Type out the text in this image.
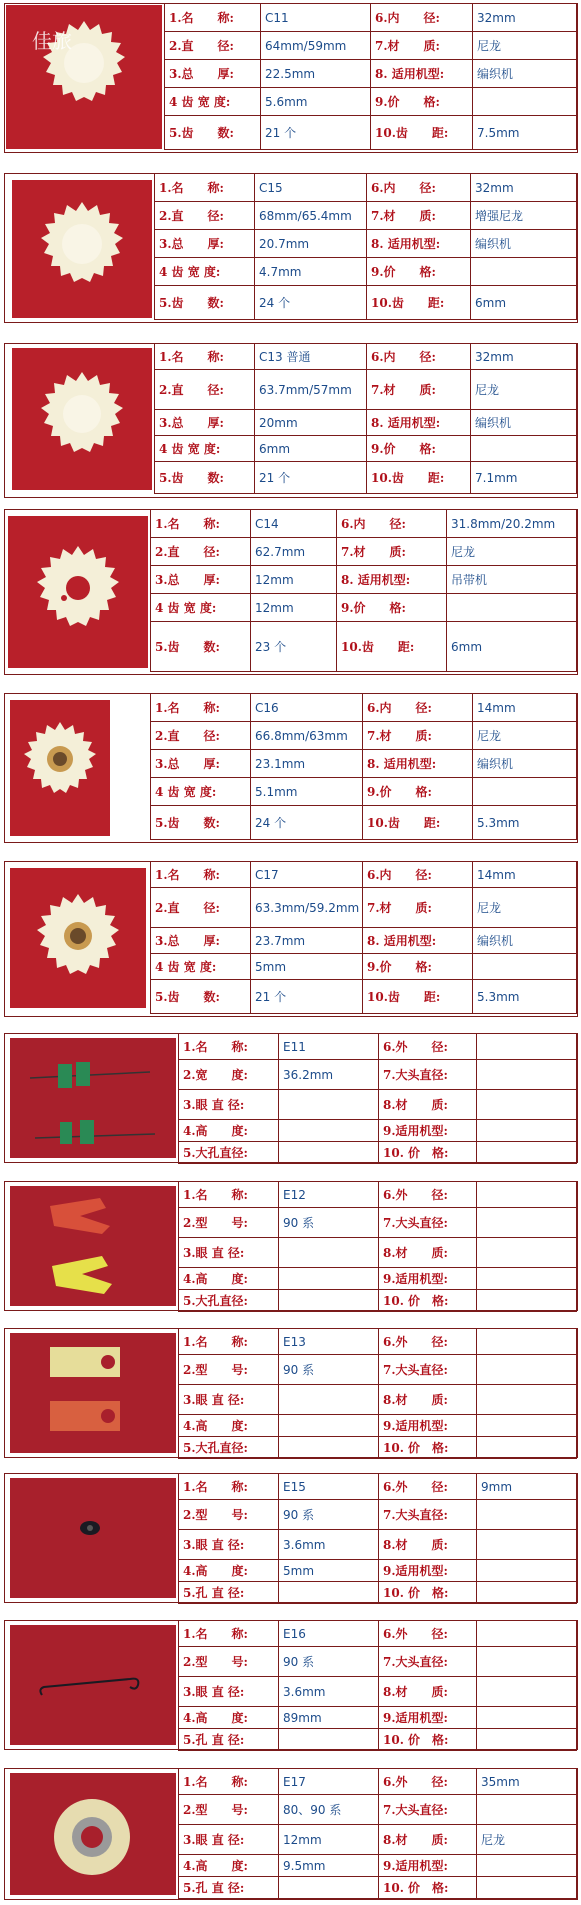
佳旅
1.名　　称:	C11	6.内　　径:	32mm
2.直　　径:	64mm/59mm	7.材　　质:	尼龙
3.总　　厚:	22.5mm	8. 适用机型:	编织机
4 齿 宽 度:	5.6mm	9.价　　格:	
5.齿　　数:	21 个	10.齿　　距:	7.5mm
1.名　　称:	C15	6.内　　径:	32mm
2.直　　径:	68mm/65.4mm	7.材　　质:	增强尼龙
3.总　　厚:	20.7mm	8. 适用机型:	编织机
4 齿 宽 度:	4.7mm	9.价　　格:	
5.齿　　数:	24 个	10.齿　　距:	6mm
1.名　　称:	C13 普通	6.内　　径:	32mm
2.直　　径:	63.7mm/57mm	7.材　　质:	尼龙
3.总　　厚:	20mm	8. 适用机型:	编织机
4 齿 宽 度:	6mm	9.价　　格:	
5.齿　　数:	21 个	10.齿　　距:	7.1mm
1.名　　称:	C14	6.内　　径:	31.8mm/20.2mm
2.直　　径:	62.7mm	7.材　　质:	尼龙
3.总　　厚:	12mm	8. 适用机型:	吊带机
4 齿 宽 度:	12mm	9.价　　格:	
5.齿　　数:	23 个	10.齿　　距:	6mm
1.名　　称:	C16	6.内　　径:	14mm
2.直　　径:	66.8mm/63mm	7.材　　质:	尼龙
3.总　　厚:	23.1mm	8. 适用机型:	编织机
4 齿 宽 度:	5.1mm	9.价　　格:	
5.齿　　数:	24 个	10.齿　　距:	5.3mm
1.名　　称:	C17	6.内　　径:	14mm
2.直　　径:	63.3mm/59.2mm	7.材　　质:	尼龙
3.总　　厚:	23.7mm	8. 适用机型:	编织机
4 齿 宽 度:	5mm	9.价　　格:	
5.齿　　数:	21 个	10.齿　　距:	5.3mm
1.名　　称:	E11	6.外　　径:	
2.宽　　度:	36.2mm	7.大头直径:	
3.眼 直 径:		8.材　　质:	
4.高　　度:		9.适用机型:	
5.大孔直径:		10. 价　格:	
1.名　　称:	E12	6.外　　径:	
2.型　　号:	90 系	7.大头直径:	
3.眼 直 径:		8.材　　质:	
4.高　　度:		9.适用机型:	
5.大孔直径:		10. 价　格:	
1.名　　称:	E13	6.外　　径:	
2.型　　号:	90 系	7.大头直径:	
3.眼 直 径:		8.材　　质:	
4.高　　度:		9.适用机型:	
5.大孔直径:		10. 价　格:	
1.名　　称:	E15	6.外　　径:	9mm
2.型　　号:	90 系	7.大头直径:	
3.眼 直 径:	3.6mm	8.材　　质:	
4.高　　度:	5mm	9.适用机型:	
5.孔 直 径:		10. 价　格:	
1.名　　称:	E16	6.外　　径:	
2.型　　号:	90 系	7.大头直径:	
3.眼 直 径:	3.6mm	8.材　　质:	
4.高　　度:	89mm	9.适用机型:	
5.孔 直 径:		10. 价　格:	
1.名　　称:	E17	6.外　　径:	35mm
2.型　　号:	80、90 系	7.大头直径:	
3.眼 直 径:	12mm	8.材　　质:	尼龙
4.高　　度:	9.5mm	9.适用机型:	
5.孔 直 径:		10. 价　格:	
